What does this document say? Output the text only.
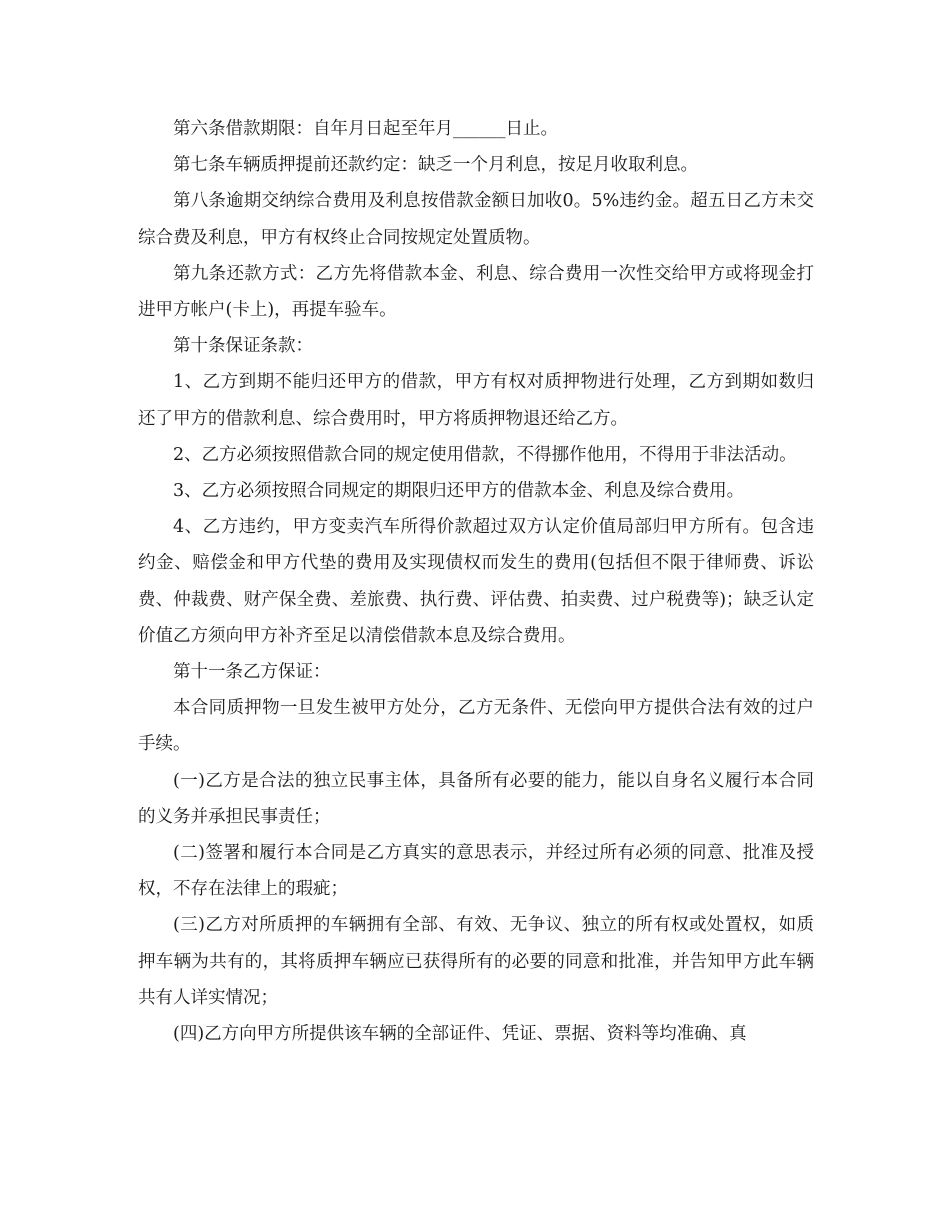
第六条借款期限：自年月日起至年月______日止。

第七条车辆质押提前还款约定：缺乏一个月利息，按足月收取利息。

第八条逾期交纳综合费用及利息按借款金额日加收0。5%违约金。超五日乙方未交综合费及利息，甲方有权终止合同按规定处置质物。

第九条还款方式：乙方先将借款本金、利息、综合费用一次性交给甲方或将现金打进甲方帐户(卡上)，再提车验车。

第十条保证条款：

1、乙方到期不能归还甲方的借款，甲方有权对质押物进行处理，乙方到期如数归还了甲方的借款利息、综合费用时，甲方将质押物退还给乙方。

2、乙方必须按照借款合同的规定使用借款，不得挪作他用，不得用于非法活动。

3、乙方必须按照合同规定的期限归还甲方的借款本金、利息及综合费用。

4、乙方违约，甲方变卖汽车所得价款超过双方认定价值局部归甲方所有。包含违约金、赔偿金和甲方代垫的费用及实现债权而发生的费用(包括但不限于律师费、诉讼费、仲裁费、财产保全费、差旅费、执行费、评估费、拍卖费、过户税费等)；缺乏认定价值乙方须向甲方补齐至足以清偿借款本息及综合费用。

第十一条乙方保证：

本合同质押物一旦发生被甲方处分，乙方无条件、无偿向甲方提供合法有效的过户手续。

(一)乙方是合法的独立民事主体，具备所有必要的能力，能以自身名义履行本合同的义务并承担民事责任；

(二)签署和履行本合同是乙方真实的意思表示，并经过所有必须的同意、批准及授权，不存在法律上的瑕疵；

(三)乙方对所质押的车辆拥有全部、有效、无争议、独立的所有权或处置权，如质押车辆为共有的，其将质押车辆应已获得所有的必要的同意和批准，并告知甲方此车辆共有人详实情况；

(四)乙方向甲方所提供该车辆的全部证件、凭证、票据、资料等均准确、真
